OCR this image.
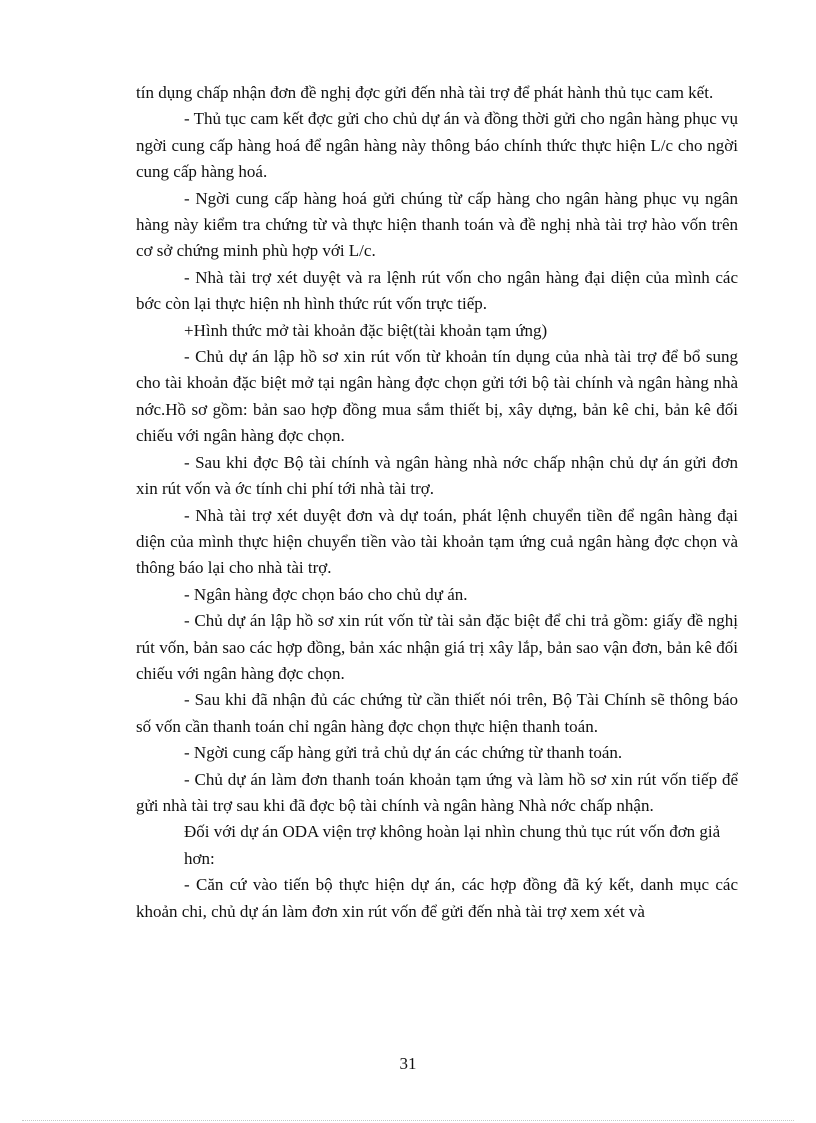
tín dụng chấp nhận đơn đề nghị đợc gửi đến nhà tài trợ để phát hành thủ tục cam kết.

- Thủ tục cam kết đợc gửi cho chủ dự án và đồng thời gửi cho ngân hàng phục vụ ngời cung cấp hàng hoá để ngân hàng này thông báo chính thức thực hiện L/c cho ngời cung cấp hàng hoá.

- Ngời cung cấp hàng hoá gửi chúng từ cấp hàng cho ngân hàng phục vụ ngân hàng này kiểm tra chứng từ và thực hiện thanh toán và đề nghị nhà tài trợ hào vốn trên cơ sở chứng minh phù hợp với L/c.

- Nhà tài trợ xét duyệt và ra lệnh rút vốn cho ngân hàng đại diện của mình các bớc còn lại thực hiện nh hình thức rút vốn trực tiếp.

+Hình thức mở tài khoản đặc biệt(tài khoản tạm ứng)

- Chủ dự án lập hồ sơ xin rút vốn từ khoản tín dụng của nhà tài trợ để bổ sung cho tài khoản đặc biệt mở tại ngân hàng đợc chọn gửi tới bộ tài chính và ngân hàng nhà nớc.Hồ sơ gồm: bản sao hợp đồng mua sắm thiết bị, xây dựng, bản kê chi, bản kê đối chiếu với ngân hàng đợc chọn.

- Sau khi đợc Bộ tài chính và ngân hàng nhà nớc chấp nhận chủ dự án gửi đơn xin rút vốn và ớc tính chi phí tới nhà tài trợ.

- Nhà tài trợ xét duyệt đơn và dự toán, phát lệnh chuyển tiền để ngân hàng đại diện của mình thực hiện chuyển tiền vào tài khoản tạm ứng cuả ngân hàng đợc chọn và thông báo lại cho nhà tài trợ.

- Ngân hàng đợc chọn báo cho chủ dự án.

- Chủ dự án lập hồ sơ xin rút vốn từ tài sản đặc biệt để chi trả gồm: giấy đề nghị rút vốn, bản sao các hợp đồng, bản xác nhận giá trị xây lắp, bản sao vận đơn, bản kê đối chiếu với ngân hàng đợc chọn.

- Sau khi đã nhận đủ các chứng từ cần thiết nói trên, Bộ Tài Chính sẽ thông báo số vốn cần thanh toán chỉ ngân hàng đợc chọn thực hiện thanh toán.

- Ngời cung cấp hàng gửi trả chủ dự án các chứng từ thanh toán.

- Chủ dự án làm đơn thanh toán khoản tạm ứng và làm hồ sơ xin rút vốn tiếp để gửi nhà tài trợ sau khi đã đợc bộ tài chính và ngân hàng Nhà nớc chấp nhận.

Đối với dự án ODA viện trợ không hoàn lại nhìn chung thủ tục rút vốn đơn giả

hơn:

- Căn cứ vào tiến bộ thực hiện dự án, các hợp đồng đã ký kết, danh mục các khoản chi, chủ dự án làm đơn xin rút vốn để gửi đến nhà tài trợ xem xét và

31
